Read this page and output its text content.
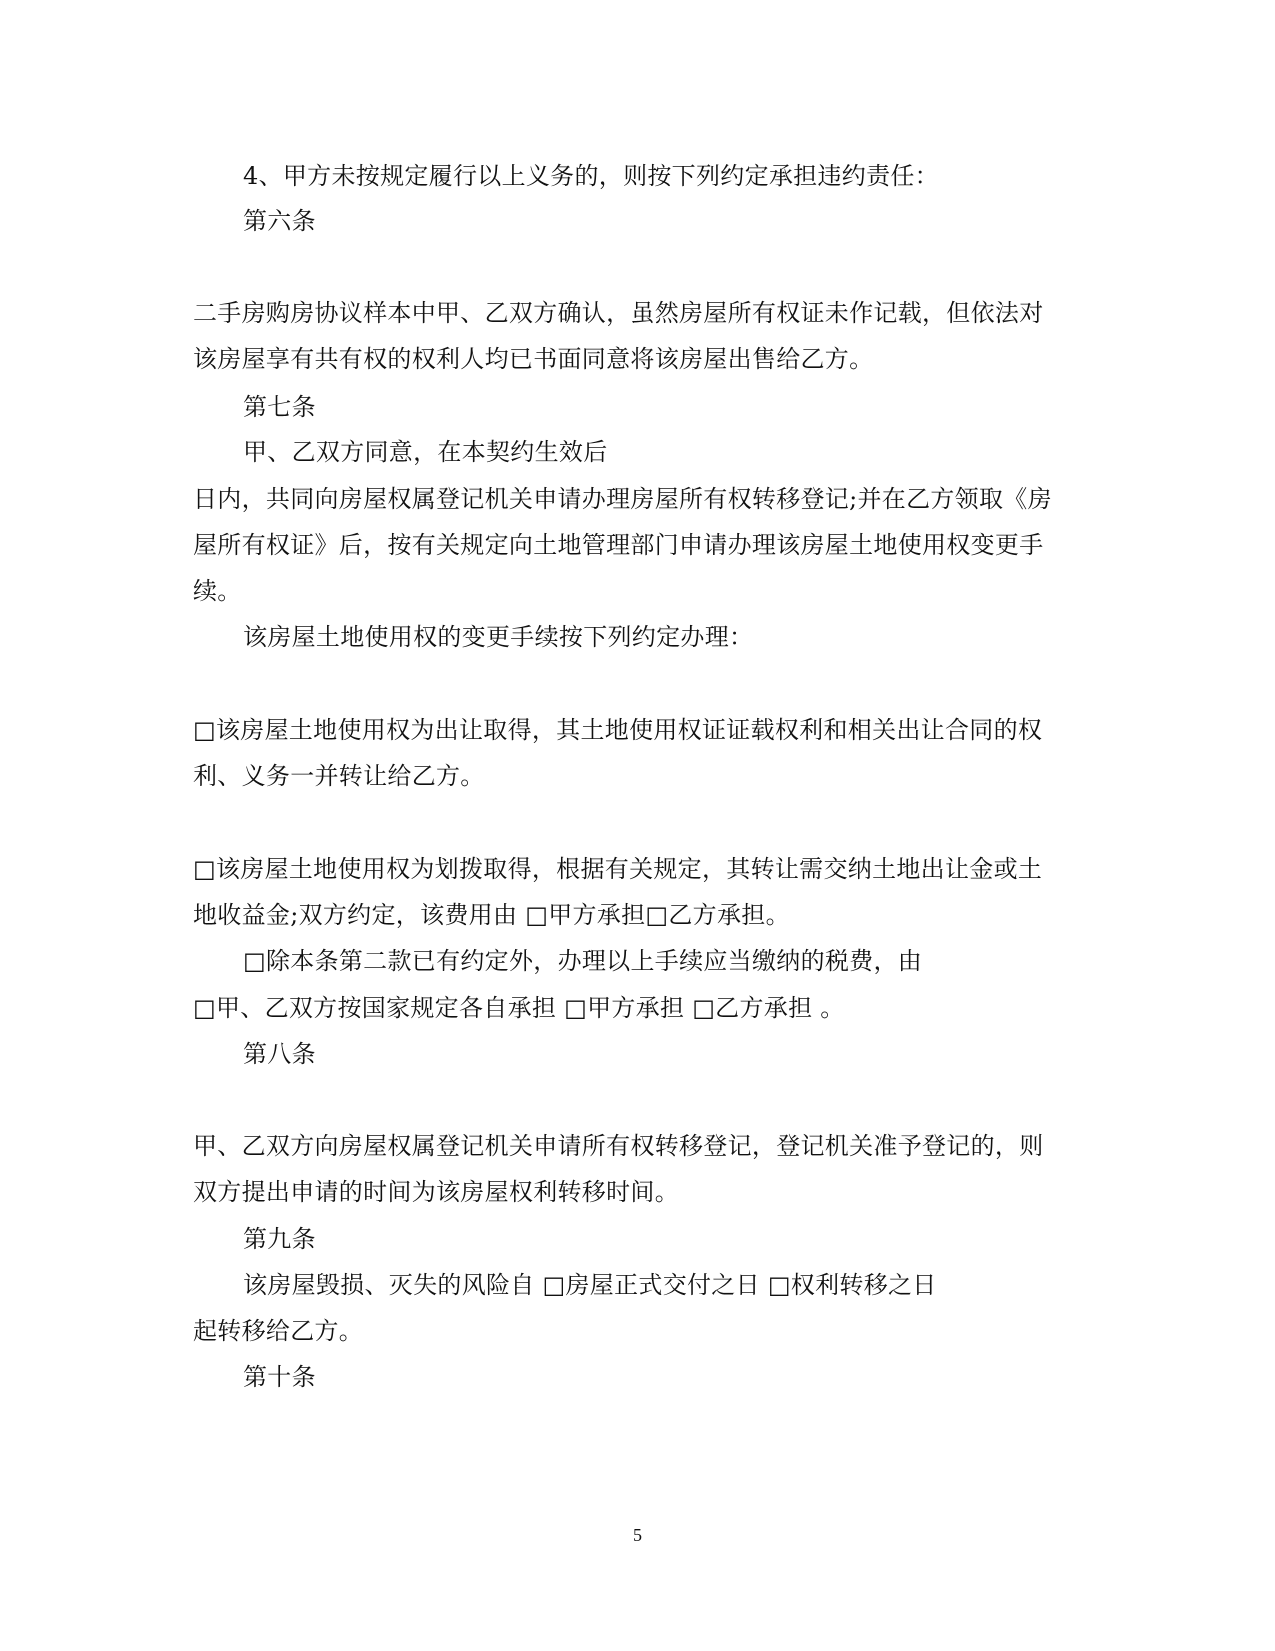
4、甲方未按规定履行以上义务的，则按下列约定承担违约责任：
第六条
二手房购房协议样本中甲、乙双方确认，虽然房屋所有权证未作记载，但依法对
该房屋享有共有权的权利人均已书面同意将该房屋出售给乙方。
第七条
甲、乙双方同意，在本契约生效后
日内，共同向房屋权属登记机关申请办理房屋所有权转移登记;并在乙方领取《房
屋所有权证》后，按有关规定向土地管理部门申请办理该房屋土地使用权变更手
续。
该房屋土地使用权的变更手续按下列约定办理：
□该房屋土地使用权为出让取得，其土地使用权证证载权利和相关出让合同的权
利、义务一并转让给乙方。
□该房屋土地使用权为划拨取得，根据有关规定，其转让需交纳土地出让金或土
地收益金;双方约定，该费用由 □甲方承担□乙方承担。
□除本条第二款已有约定外，办理以上手续应当缴纳的税费，由
□甲、乙双方按国家规定各自承担 □甲方承担 □乙方承担 。
第八条
甲、乙双方向房屋权属登记机关申请所有权转移登记，登记机关准予登记的，则
双方提出申请的时间为该房屋权利转移时间。
第九条
该房屋毁损、灭失的风险自 □房屋正式交付之日 □权利转移之日
起转移给乙方。
第十条
5
